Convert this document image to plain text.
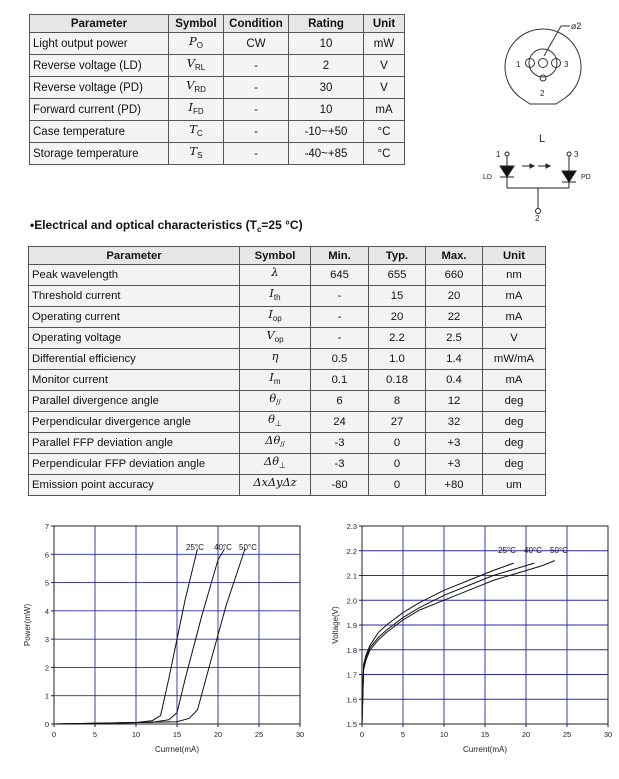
Parameter	Symbol	Condition	Rating	Unit
Light output power	$P_O$	CW	10	mW
Reverse voltage (LD)	$V_{RL}$	-	2	V
Reverse voltage (PD)	$V_{RD}$	-	30	V
Forward current (PD)	$I_{FD}$	-	10	mA
Case temperature	$T_C$	-	-10~+50	°C
Storage temperature	$T_S$	-	-40~+85	°C
⌀2
1	3
2
L
1	3
LD	PD
2

•Electrical and optical characteristics ($T_c=25$ °C)

Parameter	Symbol	Min.	Typ.	Max.	Unit
Peak wavelength	λ	645	655	660	nm
Threshold current	$I_{th}$	-	15	20	mA
Operating current	$I_{op}$	-	20	22	mA
Operating voltage	$V_{op}$	-	2.2	2.5	V
Differential efficiency	η	0.5	1.0	1.4	mW/mA
Monitor current	$I_m$	0.1	0.18	0.4	mA
Parallel divergence angle	$\theta_{//}$	6	8	12	deg
Perpendicular divergence angle	$\theta_\perp$	24	27	32	deg
Parallel FFP deviation angle	$\Delta\theta_{//}$	-3	0	+3	deg
Perpendicular FFP deviation angle	$\Delta\theta_\perp$	-3	0	+3	deg
Emission point accuracy	ΔxΔyΔz	-80	0	+80	um
0	5	10	15	20	25	30
0
1
2
3
4
5
6
7
25°C 40°C 50°C
Currnet(mA)
Power(mW)
0	5	10	15	20	25	30
1.5
1.6
1.7
1.8
1.9
2.0
2.1
2.2
2.3
25°C 40°C 50°C
Current(mA)
Voltage(V)
